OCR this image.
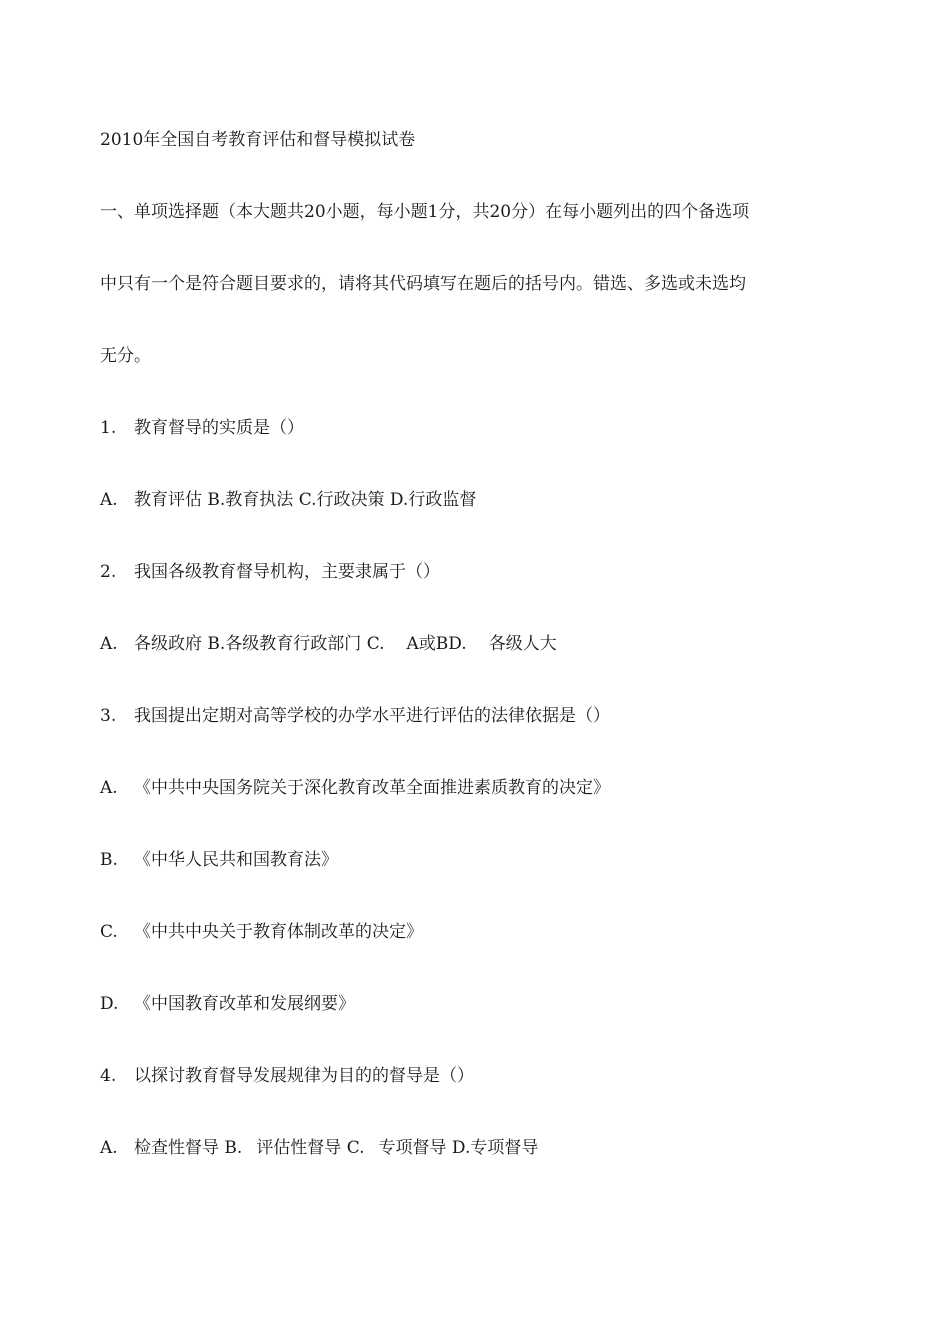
2010年全国自考教育评估和督导模拟试卷
一、单项选择题（本大题共20小题，每小题1分，共20分）在每小题列出的四个备选项
中只有一个是符合题目要求的，请将其代码填写在题后的括号内。错选、多选或未选均
无分。
1. 教育督导的实质是（）
A. 教育评估 B.教育执法 C.行政决策 D.行政监督
2. 我国各级教育督导机构，主要隶属于（）
A. 各级政府 B.各级教育行政部门 C. A或BD. 各级人大
3. 我国提出定期对高等学校的办学水平进行评估的法律依据是（）
A. 《中共中央国务院关于深化教育改革全面推进素质教育的决定》
B. 《中华人民共和国教育法》
C. 《中共中央关于教育体制改革的决定》
D. 《中国教育改革和发展纲要》
4. 以探讨教育督导发展规律为目的的督导是（）
A. 检查性督导 B. 评估性督导 C. 专项督导 D.专项督导
